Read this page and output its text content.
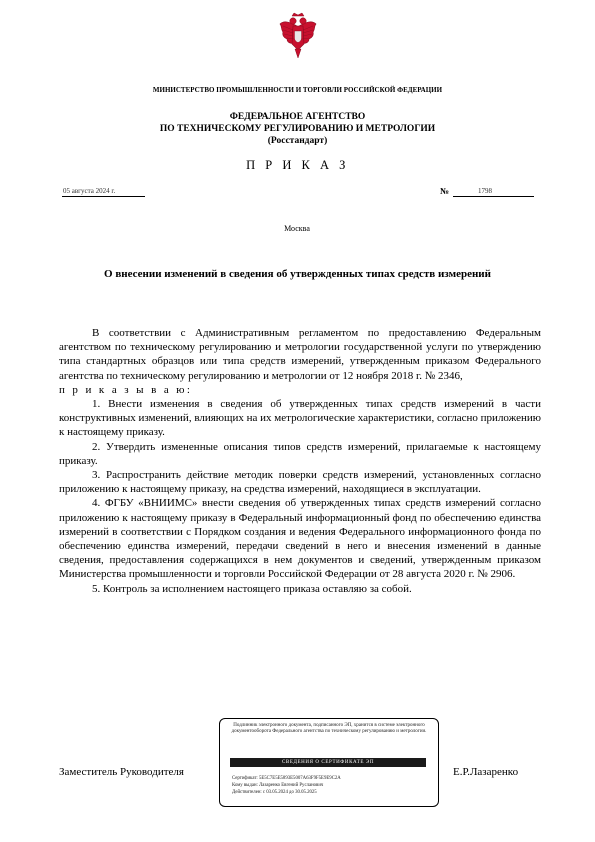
МИНИСТЕРСТВО ПРОМЫШЛЕННОСТИ И ТОРГОВЛИ РОССИЙСКОЙ ФЕДЕРАЦИИ
ФЕДЕРАЛЬНОЕ АГЕНТСТВО
ПО ТЕХНИЧЕСКОМУ РЕГУЛИРОВАНИЮ И МЕТРОЛОГИИ
(Росстандарт)
П Р И К А З
05 августа 2024 г.	№	1798
Москва
О внесении изменений в сведения об утвержденных типах средств измерений

В соответствии с Административным регламентом по предоставлению Федеральным агентством по техническому регулированию и метрологии государственной услуги по утверждению типа стандартных образцов или типа средств измерений, утвержденным приказом Федерального агентства по техническому регулированию и метрологии от 12 ноября 2018 г. № 2346,

п р и к а з ы в а ю:

1. Внести изменения в сведения об утвержденных типах средств измерений в части конструктивных изменений, влияющих на их метрологические характеристики, согласно приложению к настоящему приказу.

2. Утвердить измененные описания типов средств измерений, прилагаемые к настоящему приказу.

3. Распространить действие методик поверки средств измерений, установленных согласно приложению к настоящему приказу, на средства измерений, находящиеся в эксплуатации.

4. ФГБУ «ВНИИМС» внести сведения об утвержденных типах средств измерений согласно приложению к настоящему приказу в Федеральный информационный фонд по обеспечению единства измерений в соответствии с Порядком создания и ведения Федерального информационного фонда по обеспечению единства измерений, передачи сведений в него и внесения изменений в данные сведения, предоставления содержащихся в нем документов и сведений, утвержденным приказом Министерства промышленности и торговли Российской Федерации от 28 августа 2020 г. № 2906.

5. Контроль за исполнением настоящего приказа оставляю за собой.

Заместитель Руководителя	Е.Р.Лазаренко
Подлинник электронного документа, подписанного ЭП, хранится в системе электронного документооборота Федерального агентства по техническому регулированию и метрологии.
СВЕДЕНИЯ О СЕРТИФИКАТЕ ЭП
Сертификат: 5E5C7E5E5893E5007A63F9F5E9E9C2A
Кому выдан: Лазаренко Евгений Русланович
Действителен: с 03.05.2024 до 30.05.2025
